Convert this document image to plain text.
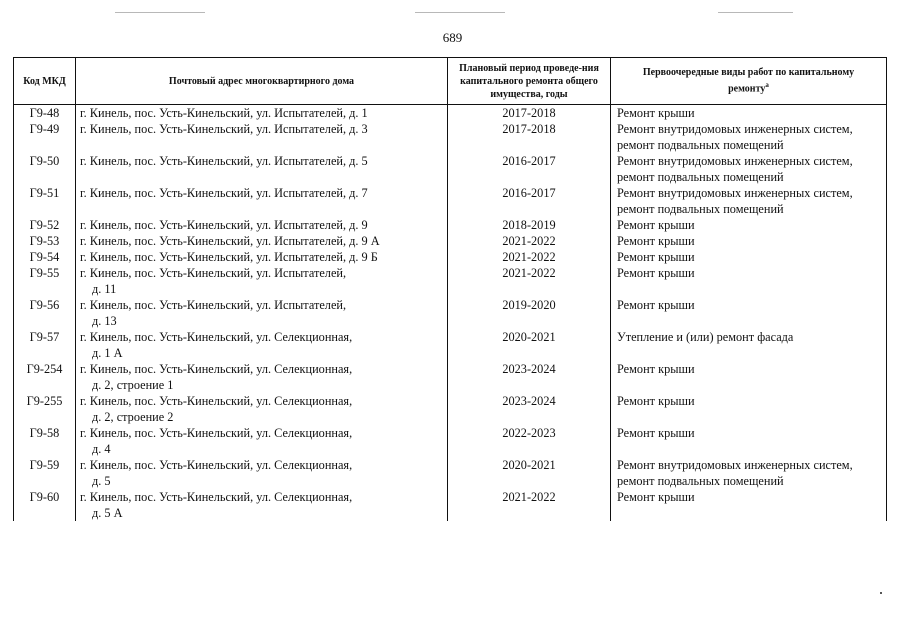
689
Код МКД	Почтовый адрес многоквартирного дома	Плановый период проведе-ния капитального ремонта общего имущества, годы	Первоочередные виды работ по капитальному ремонту$^а$
Г9-48	г. Кинель, пос. Усть-Кинельский, ул. Испытателей, д. 1	2017-2018	Ремонт крыши

Г9-49	г. Кинель, пос. Усть-Кинельский, ул. Испытателей, д. 3	2017-2018	Ремонт внутридомовых инженерных систем,
ремонт подвальных помещений

Г9-50	г. Кинель, пос. Усть-Кинельский, ул. Испытателей, д. 5	2016-2017	Ремонт внутридомовых инженерных систем,
ремонт подвальных помещений

Г9-51	г. Кинель, пос. Усть-Кинельский, ул. Испытателей, д. 7	2016-2017	Ремонт внутридомовых инженерных систем,
ремонт подвальных помещений

Г9-52	г. Кинель, пос. Усть-Кинельский, ул. Испытателей, д. 9	2018-2019	Ремонт крыши

Г9-53	г. Кинель, пос. Усть-Кинельский, ул. Испытателей, д. 9 А	2021-2022	Ремонт крыши

Г9-54	г. Кинель, пос. Усть-Кинельский, ул. Испытателей, д. 9 Б	2021-2022	Ремонт крыши

Г9-55	г. Кинель, пос. Усть-Кинельский, ул. Испытателей,
д. 11	2021-2022	Ремонт крыши

Г9-56	г. Кинель, пос. Усть-Кинельский, ул. Испытателей,
д. 13	2019-2020	Ремонт крыши

Г9-57	г. Кинель, пос. Усть-Кинельский, ул. Селекционная,
д. 1 А	2020-2021	Утепление и (или) ремонт фасада

Г9-254	г. Кинель, пос. Усть-Кинельский, ул. Селекционная,
д. 2, строение 1	2023-2024	Ремонт крыши

Г9-255	г. Кинель, пос. Усть-Кинельский, ул. Селекционная,
д. 2, строение 2	2023-2024	Ремонт крыши

Г9-58	г. Кинель, пос. Усть-Кинельский, ул. Селекционная,
д. 4	2022-2023	Ремонт крыши

Г9-59	г. Кинель, пос. Усть-Кинельский, ул. Селекционная,
д. 5	2020-2021	Ремонт внутридомовых инженерных систем,
ремонт подвальных помещений

Г9-60	г. Кинель, пос. Усть-Кинельский, ул. Селекционная,
д. 5 А	2021-2022	Ремонт крыши
